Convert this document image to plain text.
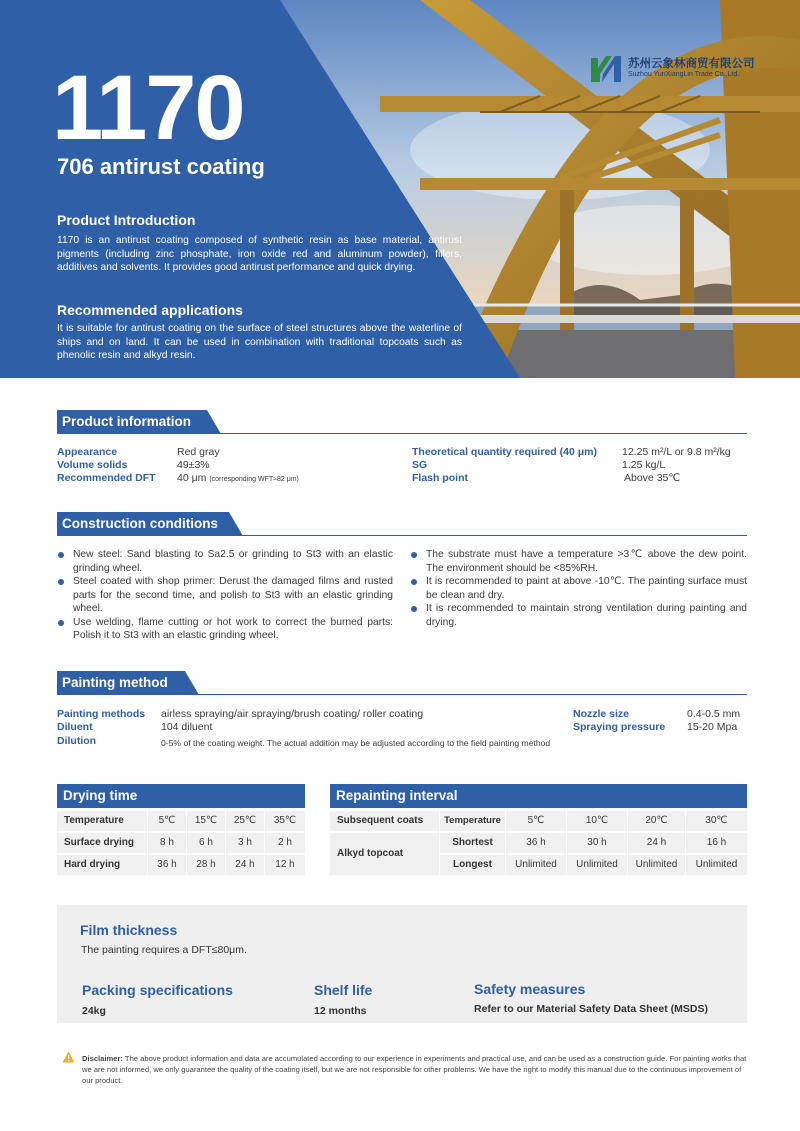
1170
706 antirust coating
Product Introduction
1170 is an antirust coating composed of synthetic resin as base material, antirust pigments (including zinc phosphate, iron oxide red and aluminum powder), fillers, additives and solvents. It provides good antirust performance and quick drying.
Recommended applications
It is suitable for antirust coating on the surface of steel structures above the waterline of ships and on land. It can be used in combination with traditional topcoats such as phenolic resin and alkyd resin.
苏州云象林商贸有限公司
Suzhou YunXiangLin Trade Co.,Ltd.
Product information
Appearance	Red gray
Volume solids	49±3%
Recommended DFT 40 μm (corresponding WFT≈82 μm)
Theoretical quantity required (40 μm) 12.25 m²/L or 9.8 m²/kg
SG	1.25 kg/L
Flash point	Above 35℃
Construction conditions
New steel: Sand blasting to Sa2.5 or grinding to St3 with an elastic grinding wheel.
Steel coated with shop primer: Derust the damaged films and rusted parts for the second time, and polish to St3 with an elastic grinding wheel.
Use welding, flame cutting or hot work to correct the burned parts: Polish it to St3 with an elastic grinding wheel.
The substrate must have a temperature >3℃ above the dew point. The environment should be <85%RH.
It is recommended to paint at above -10℃. The painting surface must be clean and dry.
It is recommended to maintain strong ventilation during painting and drying.
Painting method
Painting methods airless spraying/air spraying/brush coating/ roller coating
Diluent	104 diluent
Dilution	0-5% of the coating weight. The actual addition may be adjusted according to the field painting method
Nozzle size	0.4-0.5 mm
Spraying pressure 15-20 Mpa
Drying time
Temperature	5℃	15℃	25℃	35℃
Surface drying	8 h	6 h	3 h	2 h
Hard drying	36 h	28 h	24 h	12 h
Repainting interval
Subsequent coats	Temperature	5℃	10℃	20℃	30℃
Alkyd topcoat
Shortest	36 h	30 h	24 h	16 h
Longest	Unlimited	Unlimited	Unlimited	Unlimited
Film thickness
The painting requires a DFT≤80μm.
Packing specifications
24kg
Shelf life
12 months
Safety measures
Refer to our Material Safety Data Sheet (MSDS)
Disclaimer: The above product information and data are accumulated according to our experience in experiments and practical use, and can be used as a construction guide. For painting works that we are not informed, we only guarantee the quality of the coating itself, but we are not responsible for other problems. We have the right to modify this manual due to the continuous improvement of our product.
